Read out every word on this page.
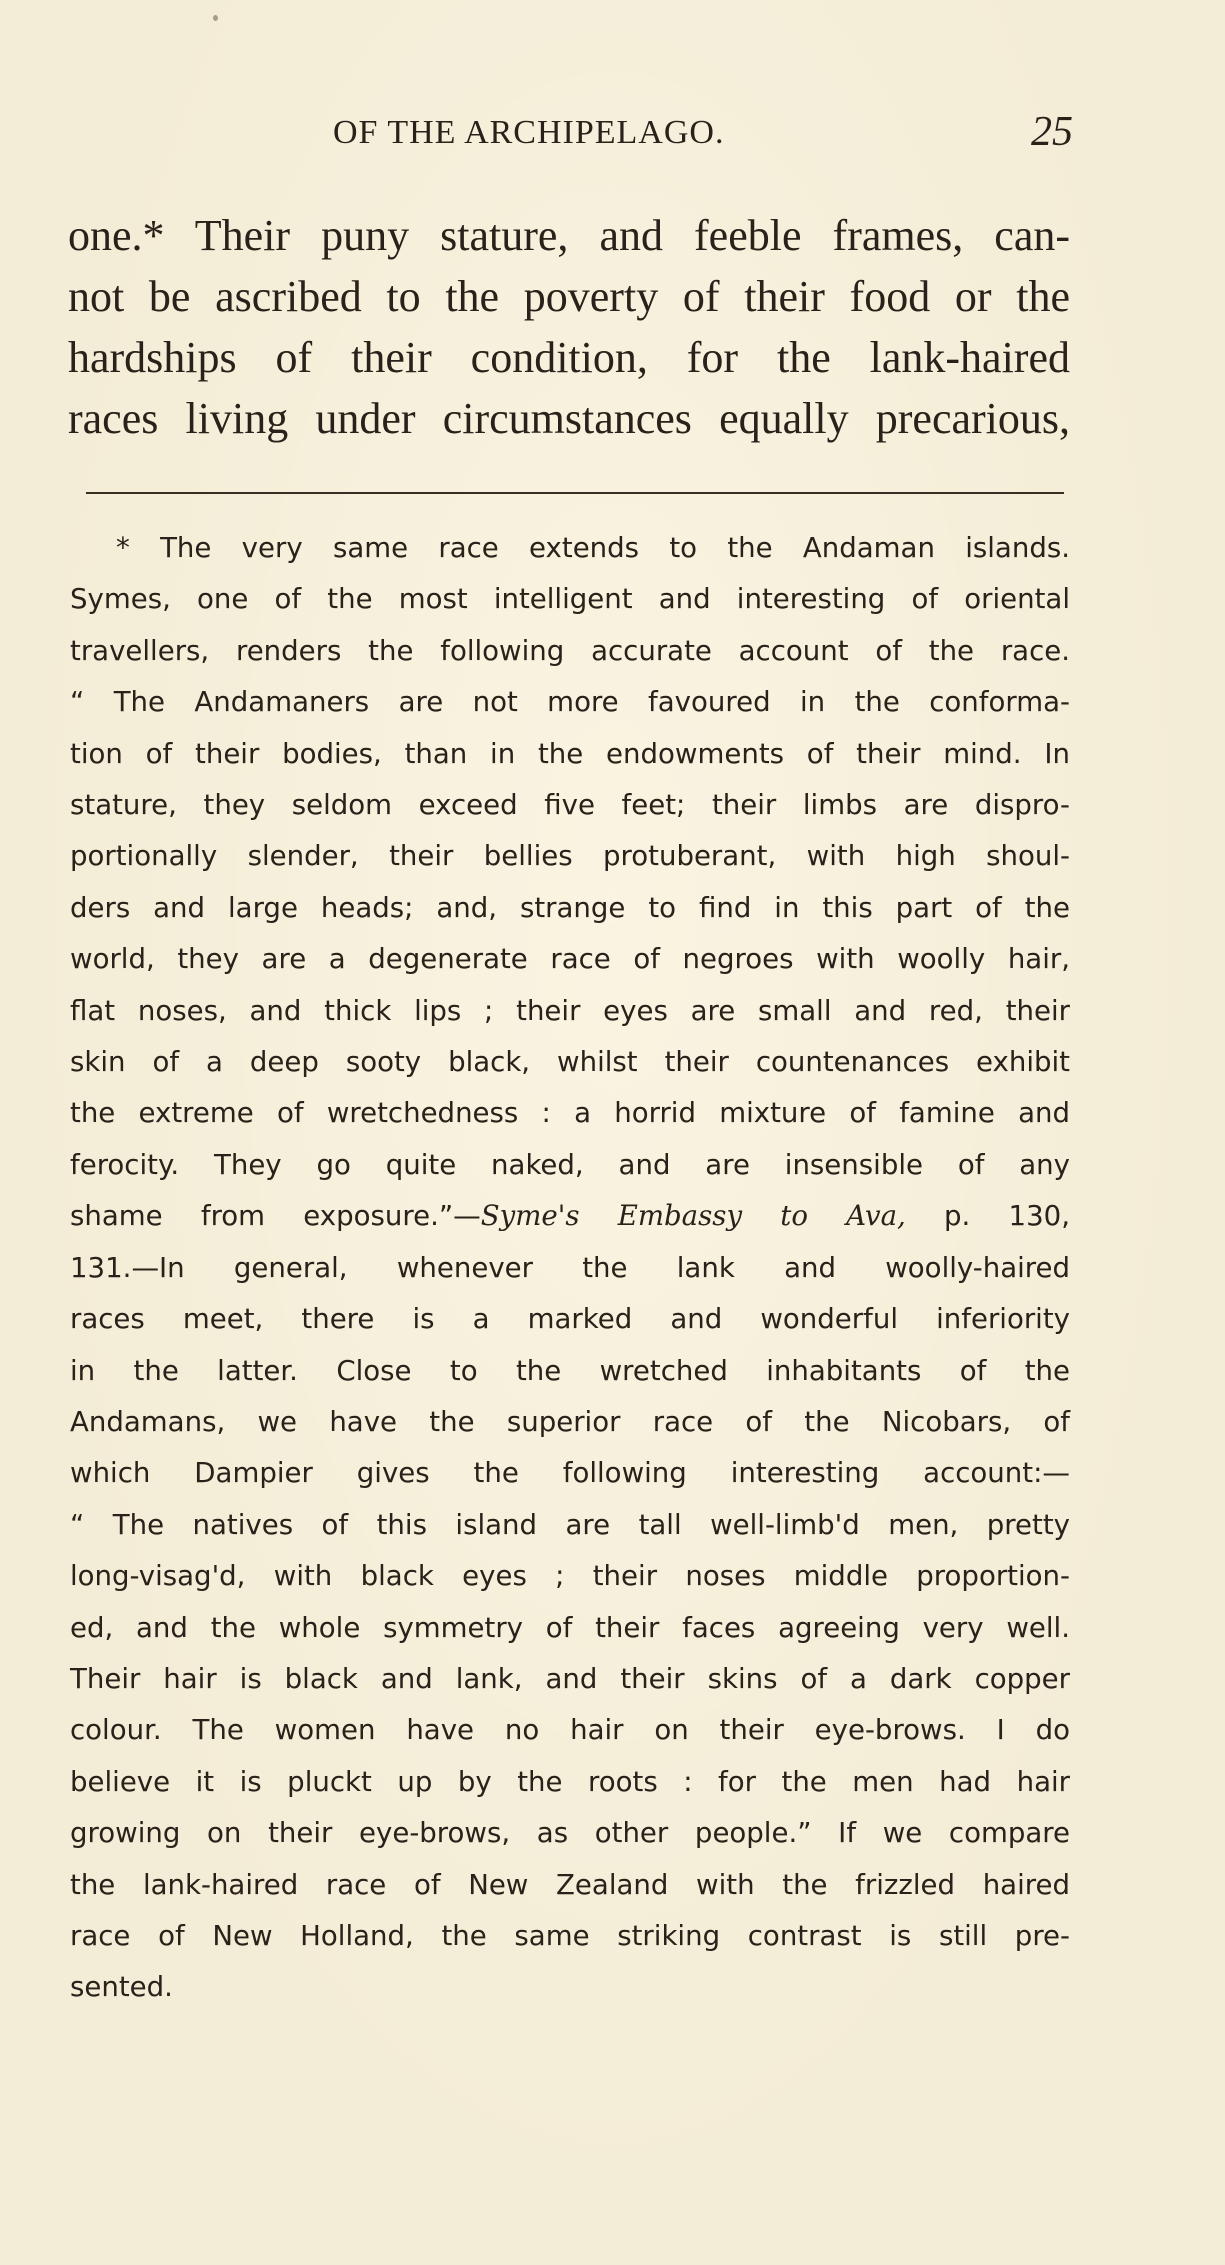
OF THE ARCHIPELAGO.	25
one.* Their puny stature, and feeble frames, can-
not be ascribed to the poverty of their food or the
hardships of their condition, for the lank-haired
races living under circumstances equally precarious,
* The very same race extends to the Andaman islands.
Symes, one of the most intelligent and interesting of oriental
travellers, renders the following accurate account of the race.
“ The Andamaners are not more favoured in the conforma-
tion of their bodies, than in the endowments of their mind. In
stature, they seldom exceed five feet; their limbs are dispro-
portionally slender, their bellies protuberant, with high shoul-
ders and large heads; and, strange to find in this part of the
world, they are a degenerate race of negroes with woolly hair,
flat noses, and thick lips ; their eyes are small and red, their
skin of a deep sooty black, whilst their countenances exhibit
the extreme of wretchedness : a horrid mixture of famine and
ferocity. They go quite naked, and are insensible of any
shame from exposure.”—Syme's Embassy to Ava, p. 130,
131.—In general, whenever the lank and woolly-haired
races meet, there is a marked and wonderful inferiority
in the latter. Close to the wretched inhabitants of the
Andamans, we have the superior race of the Nicobars, of
which Dampier gives the following interesting account:—
“ The natives of this island are tall well-limb'd men, pretty
long-visag'd, with black eyes ; their noses middle proportion-
ed, and the whole symmetry of their faces agreeing very well.
Their hair is black and lank, and their skins of a dark copper
colour. The women have no hair on their eye-brows. I do
believe it is pluckt up by the roots : for the men had hair
growing on their eye-brows, as other people.” If we compare
the lank-haired race of New Zealand with the frizzled haired
race of New Holland, the same striking contrast is still pre-
sented.
